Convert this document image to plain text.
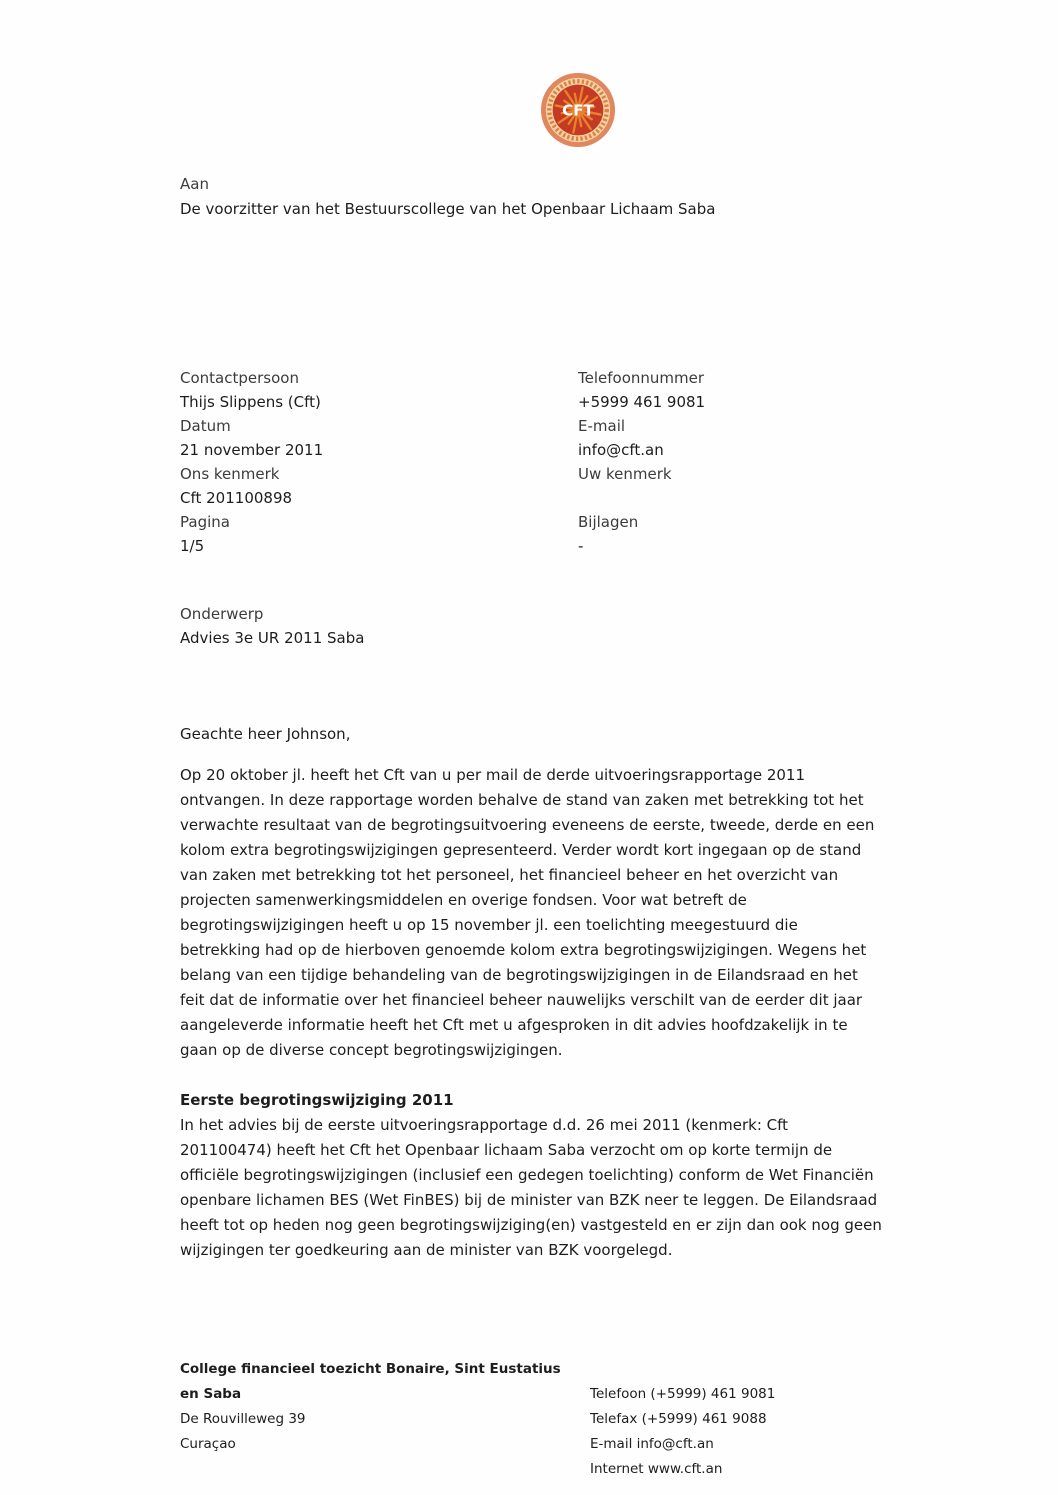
CFT
Aan
De voorzitter van het Bestuurscollege van het Openbaar Lichaam Saba
Contactpersoon
Thijs Slippens (Cft)
Datum
21 november 2011
Ons kenmerk
Cft 201100898
Pagina
1/5
Telefoonnummer
+5999 461 9081
E-mail
info@cft.an
Uw kenmerk
Bijlagen
-
Onderwerp
Advies 3e UR 2011 Saba
Geachte heer Johnson,
Op 20 oktober jl. heeft het Cft van u per mail de derde uitvoeringsrapportage 2011 ontvangen. In deze rapportage worden behalve de stand van zaken met betrekking tot het verwachte resultaat van de begrotingsuitvoering eveneens de eerste, tweede, derde en een kolom extra begrotingswijzigingen gepresenteerd. Verder wordt kort ingegaan op de stand van zaken met betrekking tot het personeel, het financieel beheer en het overzicht van projecten samenwerkingsmiddelen en overige fondsen. Voor wat betreft de begrotingswijzigingen heeft u op 15 november jl. een toelichting meegestuurd die betrekking had op de hierboven genoemde kolom extra begrotingswijzigingen. Wegens het belang van een tijdige behandeling van de begrotingswijzigingen in de Eilandsraad en het feit dat de informatie over het financieel beheer nauwelijks verschilt van de eerder dit jaar aangeleverde informatie heeft het Cft met u afgesproken in dit advies hoofdzakelijk in te gaan op de diverse concept begrotingswijzigingen.
Eerste begrotingswijziging 2011
In het advies bij de eerste uitvoeringsrapportage d.d. 26 mei 2011 (kenmerk: Cft 201100474) heeft het Cft het Openbaar lichaam Saba verzocht om op korte termijn de officiële begrotingswijzigingen (inclusief een gedegen toelichting) conform de Wet Financiën openbare lichamen BES (Wet FinBES) bij de minister van BZK neer te leggen. De Eilandsraad heeft tot op heden nog geen begrotingswijziging(en) vastgesteld en er zijn dan ook nog geen wijzigingen ter goedkeuring aan de minister van BZK voorgelegd.
College financieel toezicht Bonaire, Sint Eustatius
en Saba
De Rouvilleweg 39
Curaçao
Telefoon (+5999) 461 9081
Telefax (+5999) 461 9088
E-mail info@cft.an
Internet www.cft.an
